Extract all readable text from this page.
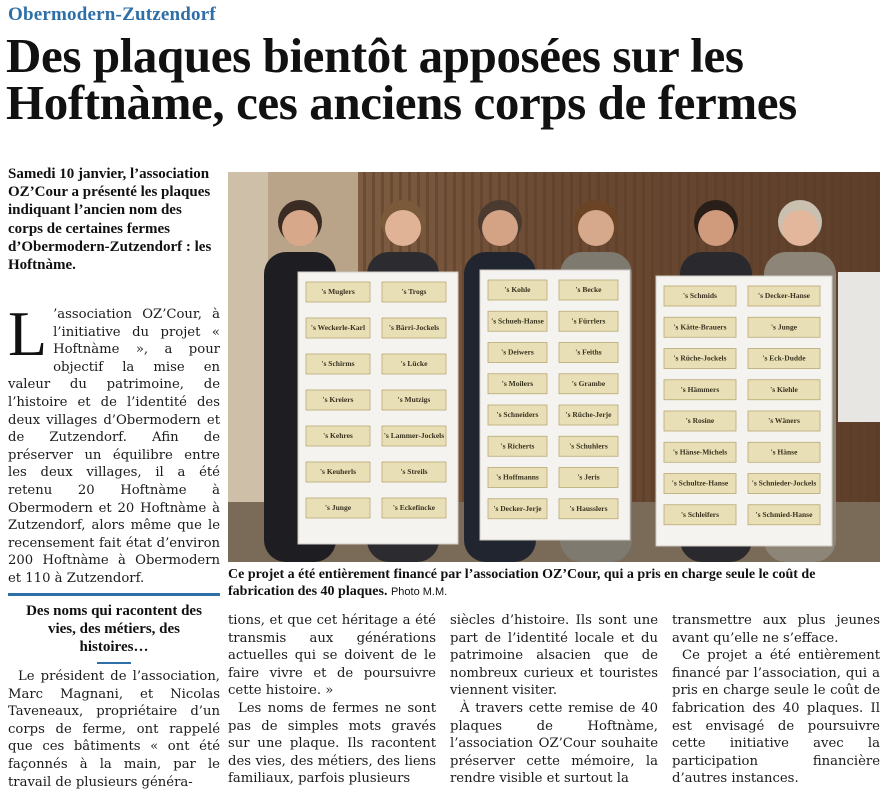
Obermodern-Zutzendorf
Des plaques bientôt apposées sur les Hoftnàme, ces anciens corps de fermes
Samedi 10 janvier, l’association OZ’Cour a présenté les plaques indiquant l’ancien nom des corps de certaines fermes d’Obermodern-Zutzendorf : les Hoftnàme.
L ’association OZ’Cour, à l’initiative du projet « Hoftnàme », a pour objectif la mise en valeur du patrimoine, de l’histoire et de l’identité des deux villages d’Obermodern et de Zutzendorf. Afin de préserver un équilibre entre les deux villages, il a été retenu 20 Hoftnàme à Obermodern et 20 Hoftnàme à Zutzendorf, alors même que le recensement fait état d’environ 200 Hoftnàme à Obermodern et 110 à Zutzendorf.
Des noms qui racontent des vies, des métiers, des histoires…
Le président de l’association, Marc Magnani, et Nicolas Taveneaux, propriétaire d’un corps de ferme, ont rappelé que ces bâtiments « ont été façonnés à la main, par le travail de plusieurs généra-
's Muglers	's Trogs
's Weckerle-Karl	's Bärri-Jockels
's Schirms	's Lücke
's Kreiers	's Mutzigs
's Kehres	's Lammer-Jockels
's Keuherls	's Streils
's Junge	's Eckefincke
's Kohle	's Becke
's Schueh-Hanse	's Fürrlers
's Deiwers	's Feiths
's Moilers	's Grambe
's Schneiders	's Rüche-Jerje
's Richerts	's Schuhlers
's Hoffmanns	's Jeris
's Decker-Jerje	's Hausslers
's Schmids	's Decker-Hanse
's Kätte-Brauers	's Junge
's Rüche-Jockels	's Eck-Dudde
's Hämmers	's Kiehle
's Rosine	's Wäners
's Hänse-Michels	's Hänse
's Schultze-Hanse	's Schnieder-Jockels
's Schleifers	's Schmied-Hanse
Ce projet a été entièrement financé par l’association OZ’Cour, qui a pris en charge seule le coût de fabrication des 40 plaques. Photo M.M.

tions, et que cet héritage a été transmis aux générations actuelles qui se doivent de le faire vivre et de poursuivre cette histoire. »

Les noms de fermes ne sont pas de simples mots gravés sur une plaque. Ils racontent des vies, des métiers, des liens familiaux, parfois plusieurs

siècles d’histoire. Ils sont une part de l’identité locale et du patrimoine alsacien que de nombreux curieux et touristes viennent visiter.

À travers cette remise de 40 plaques de Hoftnàme, l’association OZ’Cour souhaite préserver cette mémoire, la rendre visible et surtout la

transmettre aux plus jeunes avant qu’elle ne s’efface.

Ce projet a été entièrement financé par l’association, qui a pris en charge seule le coût de fabrication des 40 plaques. Il est envisagé de poursuivre cette initiative avec la participation financière d’autres instances.
